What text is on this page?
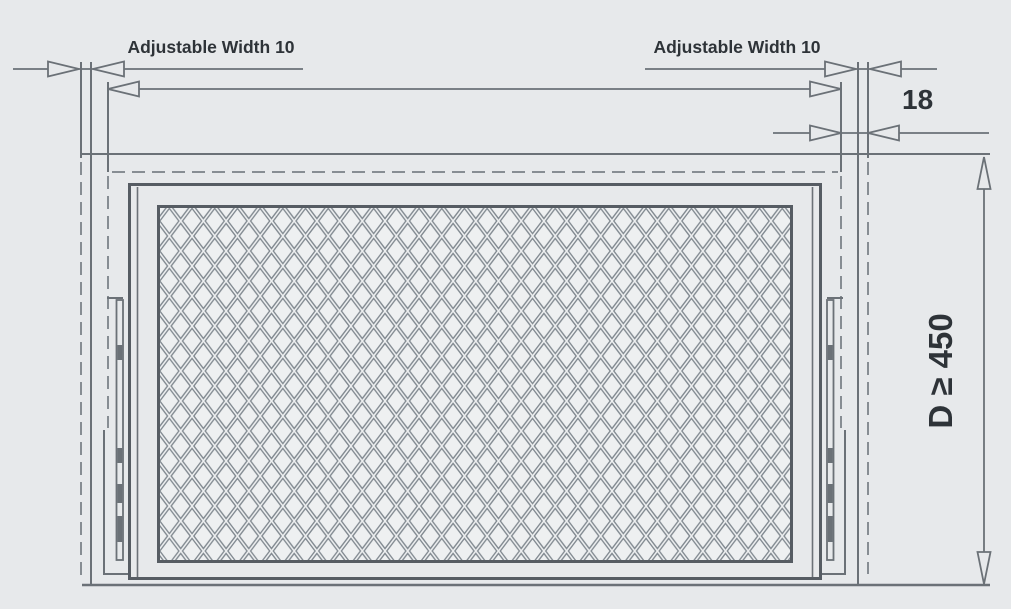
Adjustable Width 10	Adjustable Width 10
18
D ≥ 450
